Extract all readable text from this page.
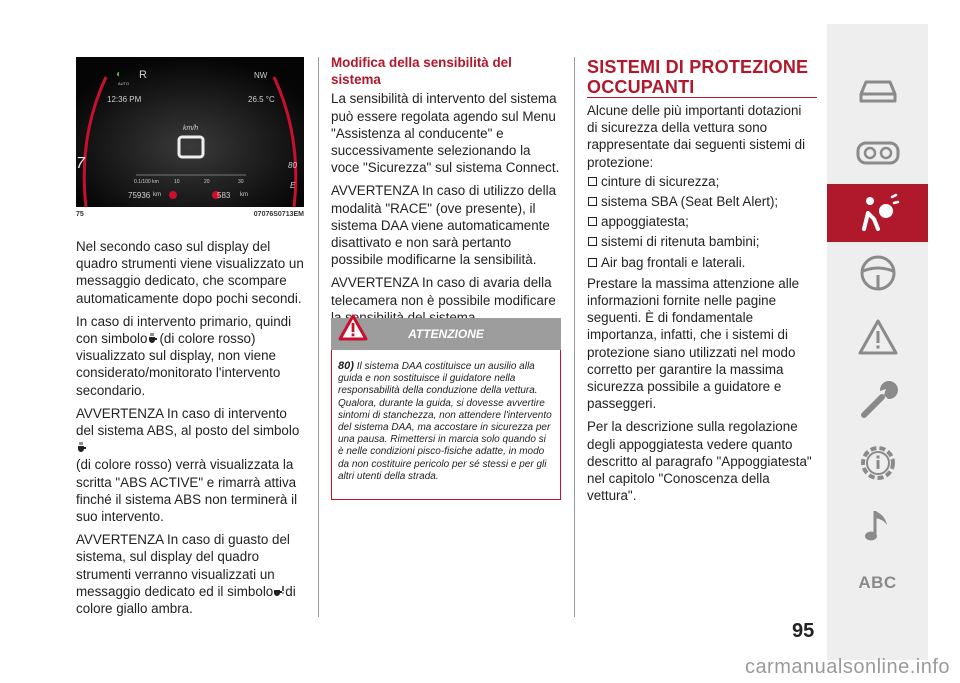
◐
AUTO
R	NW
12:36 PM	26.5 °C
km/h
7	80
E
0.1/100 km	10	20	30
75936 km	583 km
75	07076S0713EM

Nel secondo caso sul display del quadro strumenti viene visualizzato un messaggio dedicato, che scompare automaticamente dopo pochi secondi.

In caso di intervento primario, quindi con simbolo (di colore rosso) visualizzato sul display, non viene considerato/monitorato l'intervento secondario.

AVVERTENZA In caso di intervento del sistema ABS, al posto del simbolo
(di colore rosso) verrà visualizzata la scritta "ABS ACTIVE" e rimarrà attiva finché il sistema ABS non terminerà il suo intervento.

AVVERTENZA In caso di guasto del sistema, sul display del quadro strumenti verranno visualizzati un messaggio dedicato ed il simbolo di colore giallo ambra.

Modifica della sensibilità del sistema

La sensibilità di intervento del sistema può essere regolata agendo sul Menu "Assistenza al conducente" e successivamente selezionando la voce "Sicurezza" sul sistema Connect.

AVVERTENZA In caso di utilizzo della modalità "RACE" (ove presente), il sistema DAA viene automaticamente disattivato e non sarà pertanto possibile modificarne la sensibilità.

AVVERTENZA In caso di avaria della telecamera non è possibile modificare

ATTENZIONE
80) Il sistema DAA costituisce un ausilio alla guida e non sostituisce il guidatore nella responsabilità della conduzione della vettura. Qualora, durante la guida, si dovesse avvertire sintomi di stanchezza, non attendere l'intervento del sistema DAA, ma accostare in sicurezza per una pausa. Rimettersi in marcia solo quando si è nelle condizioni pisco-fisiche adatte, in modo da non costituire pericolo per sé stessi e per gli altri utenti della strada.
SISTEMI DI PROTEZIONE OCCUPANTI

Alcune delle più importanti dotazioni di sicurezza della vettura sono rappresentate dai seguenti sistemi di protezione:

cinture di sicurezza;
sistema SBA (Seat Belt Alert);
appoggiatesta;
sistemi di ritenuta bambini;
Air bag frontali e laterali.

Prestare la massima attenzione alle informazioni fornite nelle pagine seguenti. È di fondamentale importanza, infatti, che i sistemi di protezione siano utilizzati nel modo corretto per garantire la massima sicurezza possibile a guidatore e passeggeri.

Per la descrizione sulla regolazione degli appoggiatesta vedere quanto descritto al paragrafo "Appoggiatesta" nel capitolo "Conoscenza della vettura".

ABC
95
carmanualsonline.info
